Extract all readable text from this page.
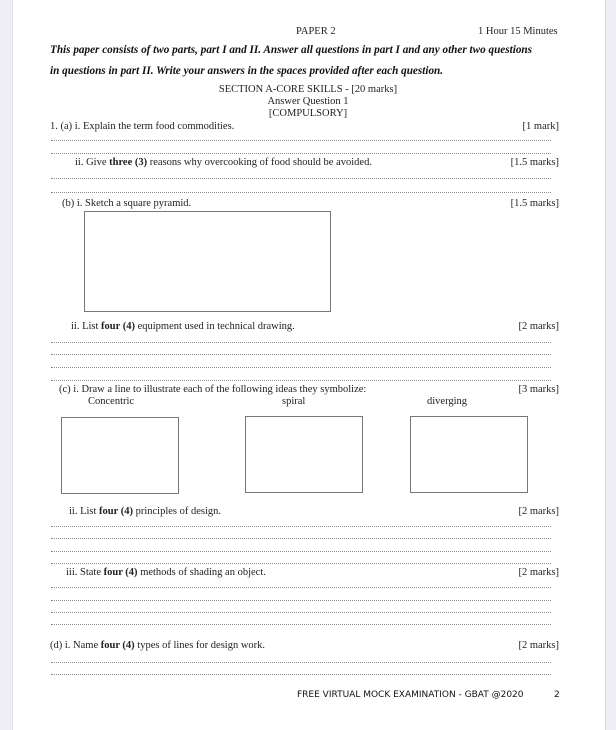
PAPER 2	1 Hour 15 Minutes
This paper consists of two parts, part I and II. Answer all questions in part I and any other two questions
in questions in part II. Write your answers in the spaces provided after each question.
SECTION A-CORE SKILLS - [20 marks]
Answer Question 1
[COMPULSORY]
1. (a) i. Explain the term food commodities.	[1 mark]
ii. Give three (3) reasons why overcooking of food should be avoided.	[1.5 marks]
(b) i. Sketch a square pyramid.	[1.5 marks]
ii. List four (4) equipment used in technical drawing.	[2 marks]
(c) i. Draw a line to illustrate each of the following ideas they symbolize:	[3 marks]
Concentric	spiral	diverging
ii. List four (4) principles of design.	[2 marks]
iii. State four (4) methods of shading an object.	[2 marks]
(d) i. Name four (4) types of lines for design work.	[2 marks]
FREE VIRTUAL MOCK EXAMINATION - GBAT @2020	2
